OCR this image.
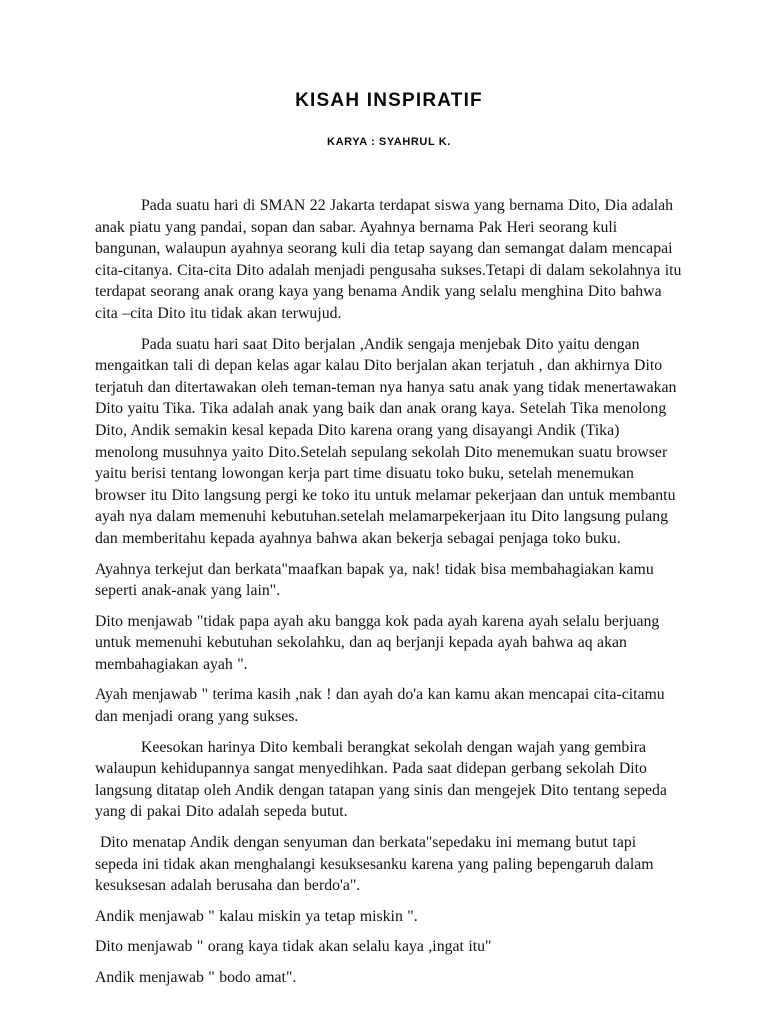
KISAH INSPIRATIF
KARYA : SYAHRUL K.

Pada suatu hari di SMAN 22 Jakarta terdapat siswa yang bernama Dito, Dia adalah anak piatu yang pandai, sopan dan sabar. Ayahnya bernama Pak Heri seorang kuli bangunan, walaupun ayahnya seorang kuli dia tetap sayang dan semangat dalam mencapai cita-citanya. Cita-cita Dito adalah menjadi pengusaha sukses.Tetapi di dalam sekolahnya itu terdapat seorang anak orang kaya yang benama Andik yang selalu menghina Dito bahwa cita –cita Dito itu tidak akan terwujud.

Pada suatu hari saat Dito berjalan ,Andik sengaja menjebak Dito yaitu dengan mengaitkan tali di depan kelas agar kalau Dito berjalan akan terjatuh , dan akhirnya Dito terjatuh dan ditertawakan oleh teman-teman nya hanya satu anak yang tidak menertawakan Dito yaitu Tika. Tika adalah anak yang baik dan anak orang kaya. Setelah Tika menolong Dito, Andik semakin kesal kepada Dito karena orang yang disayangi Andik (Tika) menolong musuhnya yaito Dito.Setelah sepulang sekolah Dito menemukan suatu browser yaitu berisi tentang lowongan kerja part time disuatu toko buku, setelah menemukan browser itu Dito langsung pergi ke toko itu untuk melamar pekerjaan dan untuk membantu ayah nya dalam memenuhi kebutuhan.setelah melamarpekerjaan itu Dito langsung pulang dan memberitahu kepada ayahnya bahwa akan bekerja sebagai penjaga toko buku.

Ayahnya terkejut dan berkata"maafkan bapak ya, nak! tidak bisa membahagiakan kamu seperti anak-anak yang lain".

Dito menjawab "tidak papa ayah aku bangga kok pada ayah karena ayah selalu berjuang untuk memenuhi kebutuhan sekolahku, dan aq berjanji kepada ayah bahwa aq akan membahagiakan ayah ".

Ayah menjawab " terima kasih ,nak ! dan ayah do'a kan kamu akan mencapai cita-citamu dan menjadi orang yang sukses.

Keesokan harinya Dito kembali berangkat sekolah dengan wajah yang gembira walaupun kehidupannya sangat menyedihkan. Pada saat didepan gerbang sekolah Dito langsung ditatap oleh Andik dengan tatapan yang sinis dan mengejek Dito tentang sepeda yang di pakai Dito adalah sepeda butut.

Dito menatap Andik dengan senyuman dan berkata"sepedaku ini memang butut tapi sepeda ini tidak akan menghalangi kesuksesanku karena yang paling bepengaruh dalam kesuksesan adalah berusaha dan berdo'a".

Andik menjawab " kalau miskin ya tetap miskin ".

Dito menjawab " orang kaya tidak akan selalu kaya ,ingat itu"

Andik menjawab " bodo amat".
